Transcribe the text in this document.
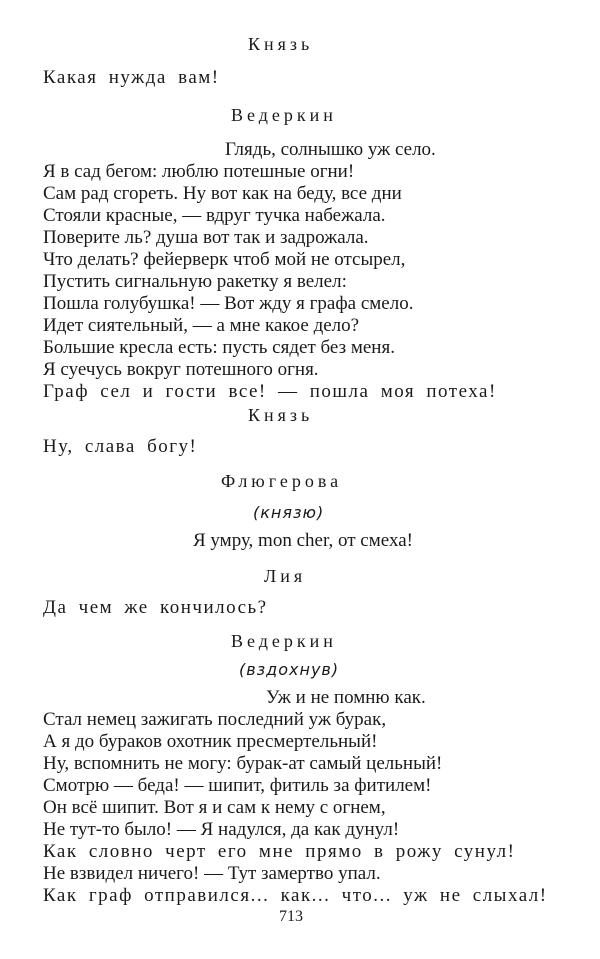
Князь
Какая нужда вам!
Ведеркин
Глядь, солнышко уж село.
Я в сад бегом: люблю потешные огни!
Сам рад сгореть. Ну вот как на беду, все дни
Стояли красные, — вдруг тучка набежала.
Поверите ль? душа вот так и задрожала.
Что делать? фейерверк чтоб мой не отсырел,
Пустить сигнальную ракетку я велел:
Пошла голубушка! — Вот жду я графа смело.
Идет сиятельный, — а мне какое дело?
Большие кресла есть: пусть сядет без меня.
Я суечусь вокруг потешного огня.
Граф сел и гости все! — пошла моя потеха!
Князь
Ну, слава богу!
Флюгерова
(князю)
Я умру, mon cher, от смеха!
Лия
Да чем же кончилось?
Ведеркин
(вздохнув)
Уж и не помню как.
Стал немец зажигать последний уж бурак,
А я до бураков охотник пресмертельный!
Ну, вспомнить не могу: бурак-ат самый цельный!
Смотрю — беда! — шипит, фитиль за фитилем!
Он всё шипит. Вот я и сам к нему с огнем,
Не тут-то было! — Я надулся, да как дунул!
Как словно черт его мне прямо в рожу сунул!
Не взвидел ничего! — Тут замертво упал.
Как граф отправился... как... что... уж не слыхал!
713
